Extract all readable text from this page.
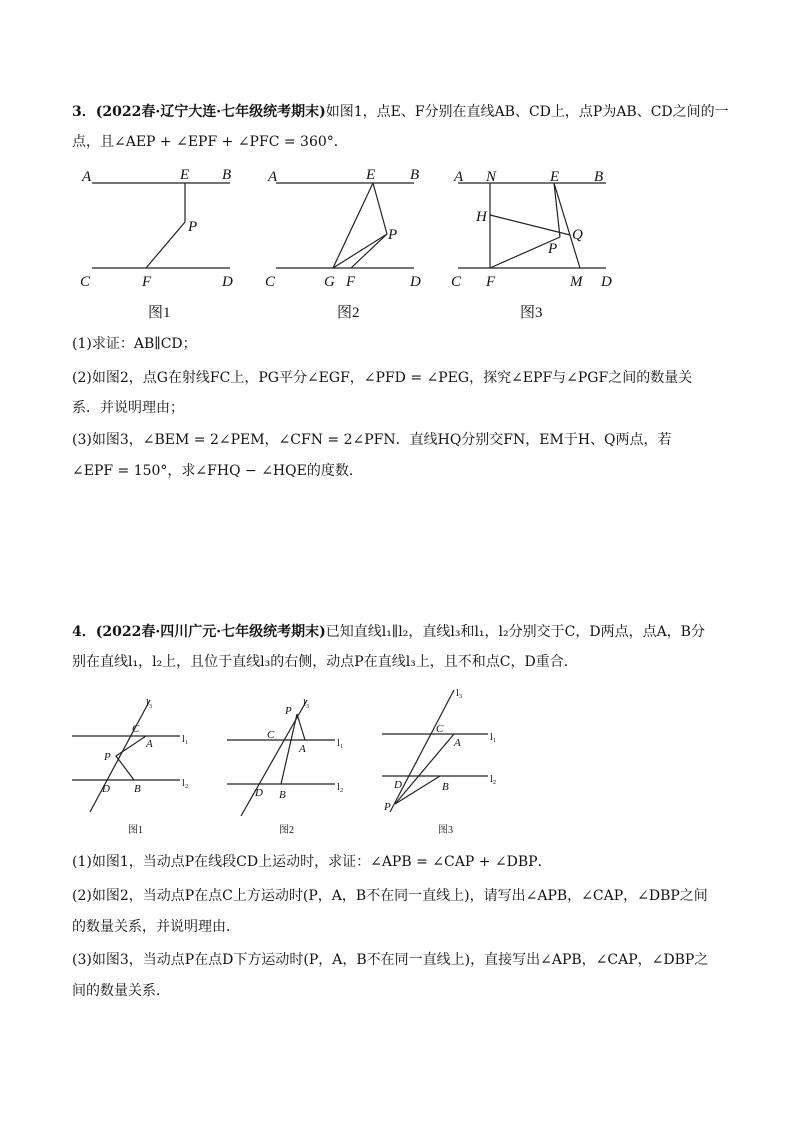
3．(2022春·辽宁大连·七年级统考期末)如图1，点E、F分别在直线AB、CD上，点P为AB、CD之间的一
点，且∠AEP + ∠EPF + ∠PFC = 360°．
A	E B
P
C	F	D
图1
A	E B
P
C	G F	D
图2
A N	E B
H
Q
P
C F	M D
图3
(1)求证：AB∥CD；
(2)如图2，点G在射线FC上，PG平分∠EGF，∠PFD = ∠PEG，探究∠EPF与∠PGF之间的数量关
系．并说明理由；
(3)如图3，∠BEM = 2∠PEM，∠CFN = 2∠PFN．直线HQ分别交FN，EM于H、Q两点，若
∠EPF = 150°，求∠FHQ − ∠HQE的度数．
4．(2022春·四川广元·七年级统考期末)已知直线l₁∥l₂，直线l₃和l₁，l₂分别交于C，D两点，点A，B分
别在直线l₁，l₂上，且位于直线l₃的右侧，动点P在直线l₃上，且不和点C，D重合．
l₃
l₁
l₂
C
A
P
D B
图1
l₃
l₁
l₂
P
C
A
D B
图2
l₃
l₁
l₂
C
A
D	B
P
图3
(1)如图1，当动点P在线段CD上运动时，求证：∠APB = ∠CAP + ∠DBP．
(2)如图2，当动点P在点C上方运动时(P，A，B不在同一直线上)，请写出∠APB，∠CAP，∠DBP之间
的数量关系，并说明理由．
(3)如图3，当动点P在点D下方运动时(P，A，B不在同一直线上)，直接写出∠APB，∠CAP，∠DBP之
间的数量关系．
